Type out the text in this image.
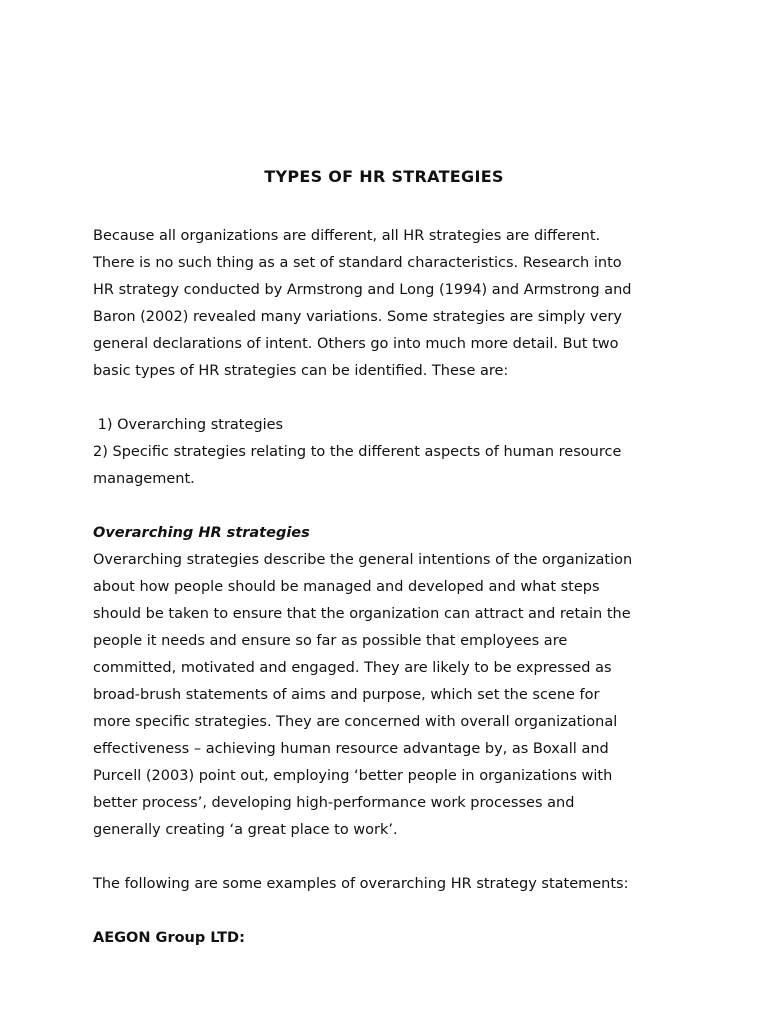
TYPES OF HR STRATEGIES

Because all organizations are different, all HR strategies are different.
There is no such thing as a set of standard characteristics. Research into
HR strategy conducted by Armstrong and Long (1994) and Armstrong and
Baron (2002) revealed many variations. Some strategies are simply very
general declarations of intent. Others go into much more detail. But two
basic types of HR strategies can be identified. These are:

1) Overarching strategies

2) Specific strategies relating to the different aspects of human resource
management.

Overarching HR strategies

Overarching strategies describe the general intentions of the organization
about how people should be managed and developed and what steps
should be taken to ensure that the organization can attract and retain the
people it needs and ensure so far as possible that employees are
committed, motivated and engaged. They are likely to be expressed as
broad-brush statements of aims and purpose, which set the scene for
more specific strategies. They are concerned with overall organizational
effectiveness – achieving human resource advantage by, as Boxall and
Purcell (2003) point out, employing ‘better people in organizations with
better process’, developing high-performance work processes and
generally creating ‘a great place to work’.

The following are some examples of overarching HR strategy statements:

AEGON Group LTD:
